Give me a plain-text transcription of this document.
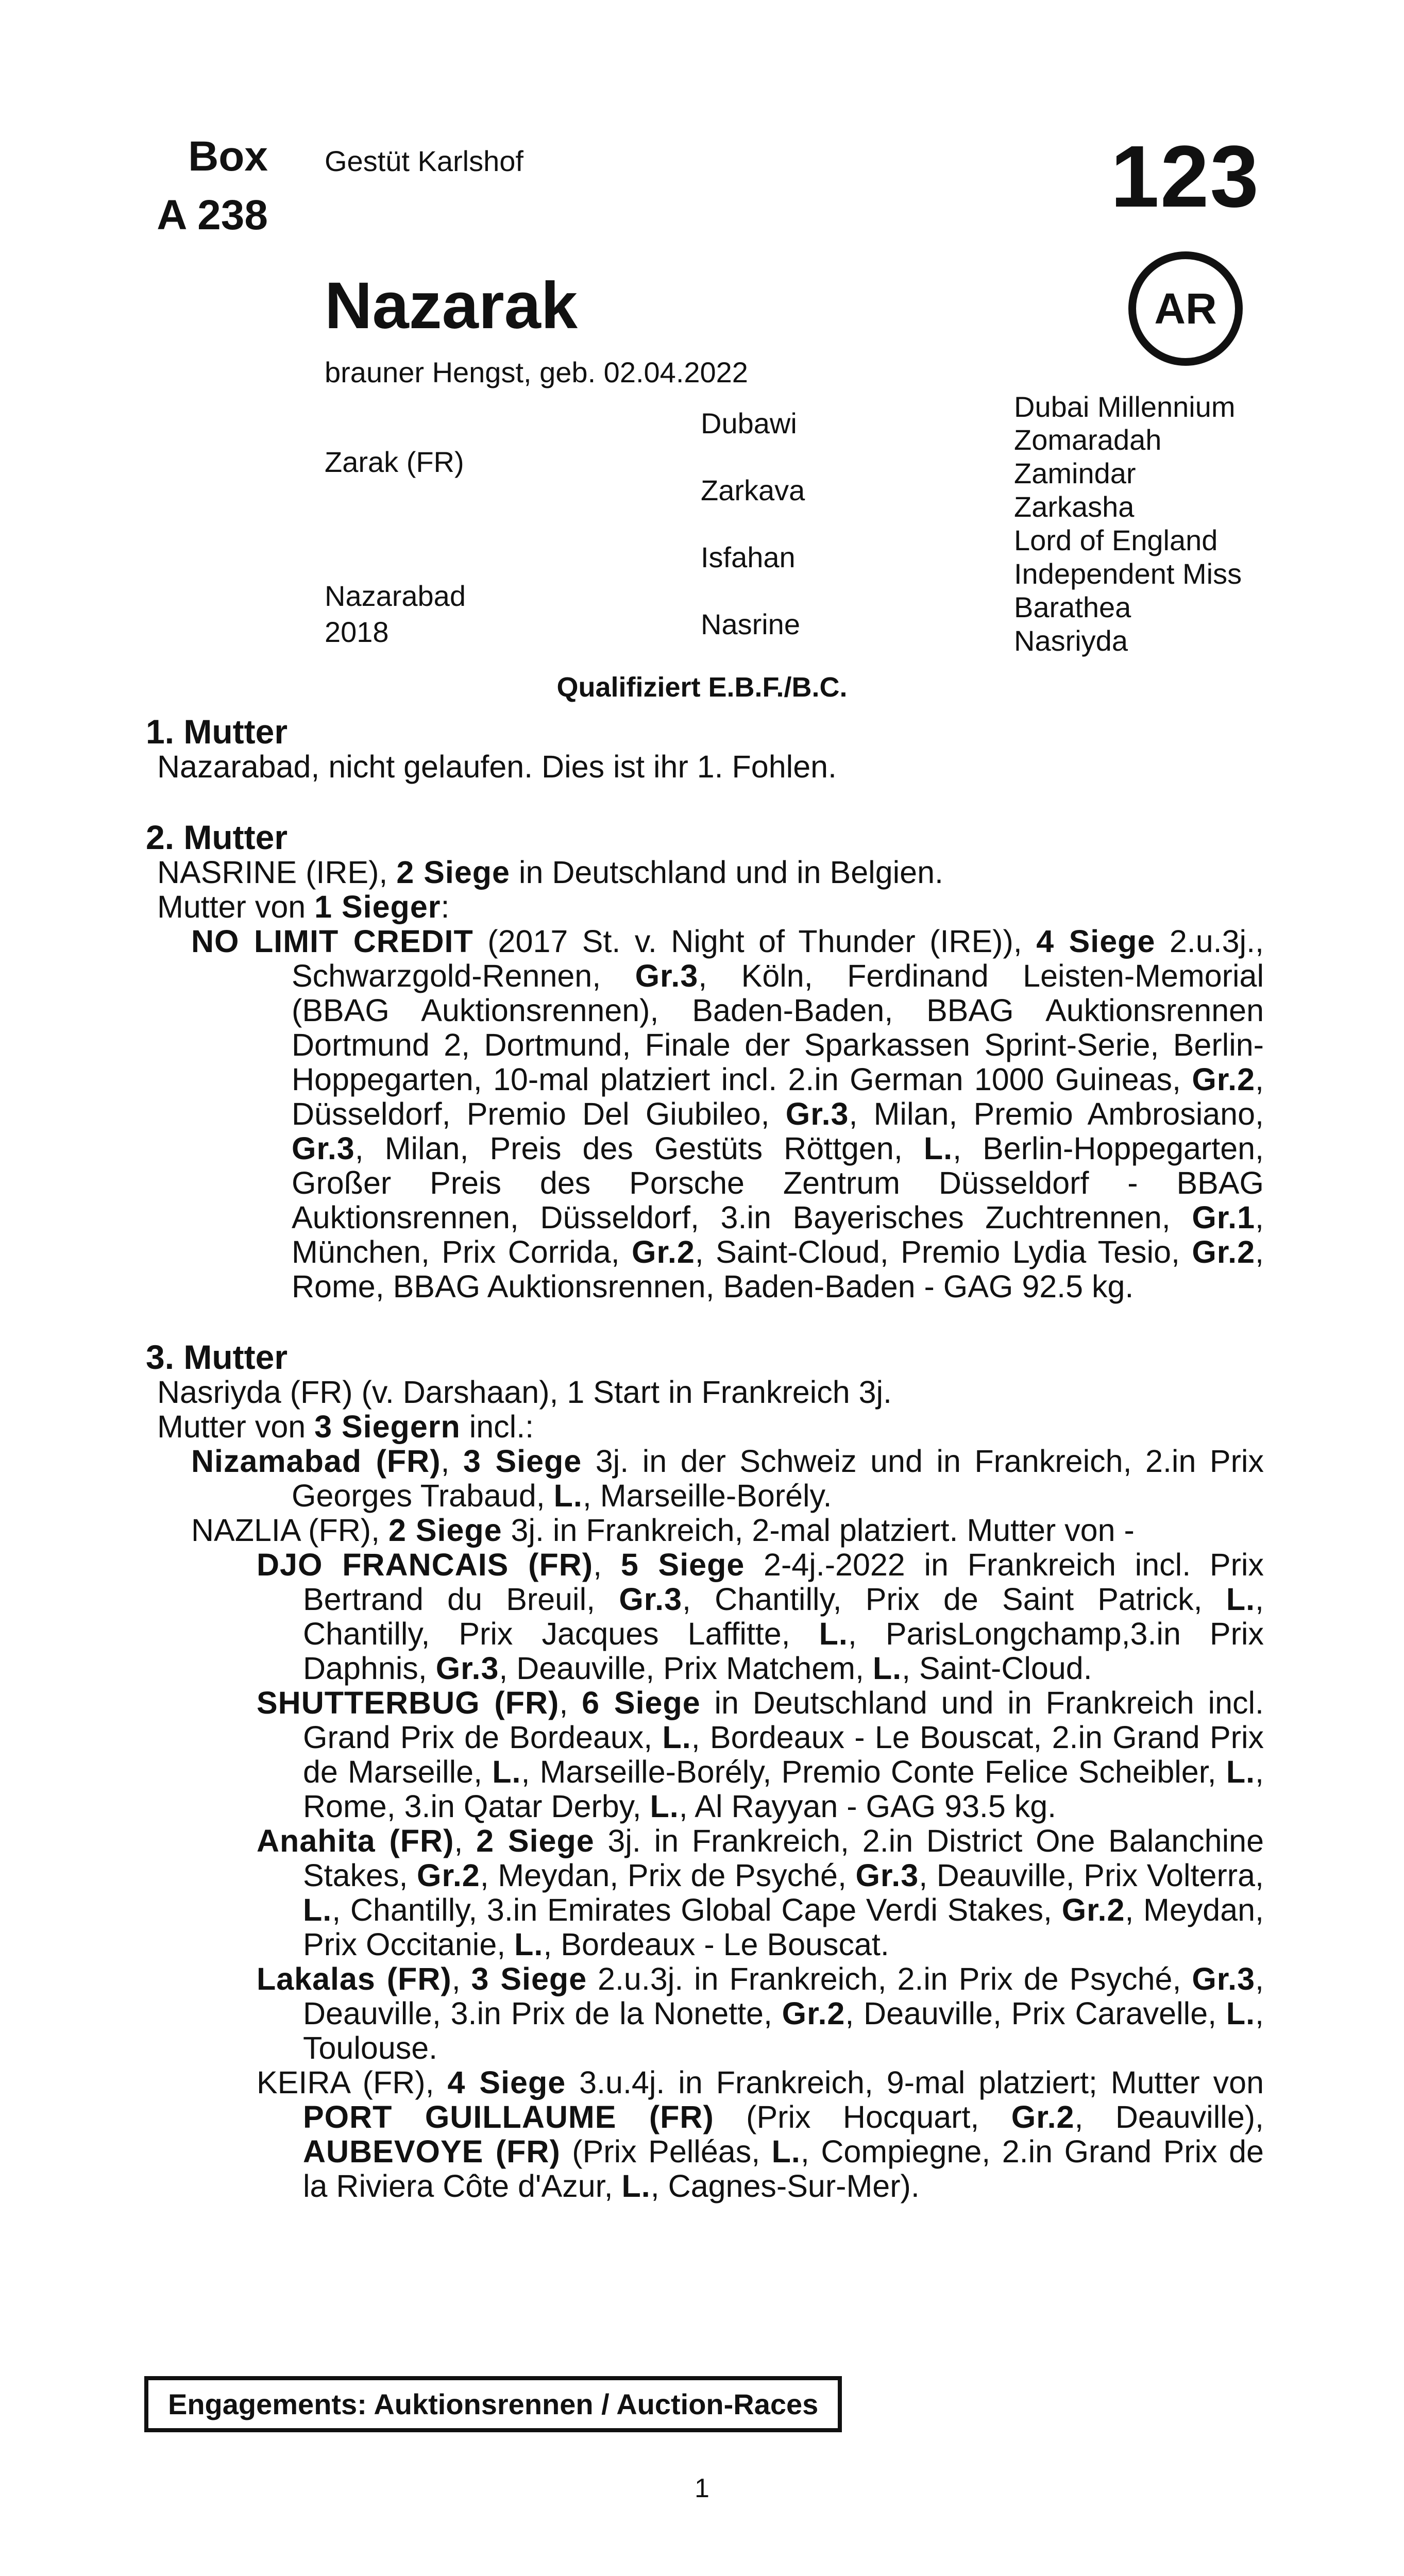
Box
A 238
Gestüt Karlshof	123
AR
Nazarak
brauner Hengst, geb. 02.04.2022
Zarak (FR)
Nazarabad
2018
Dubawi
Zarkava
Isfahan
Nasrine
Dubai Millennium
Zomaradah
Zamindar
Zarkasha
Lord of England
Independent Miss
Barathea
Nasriyda
Qualifiziert E.B.F./B.C.
1. Mutter
Nazarabad, nicht gelaufen. Dies ist ihr 1. Fohlen.
2. Mutter
NASRINE (IRE), 2 Siege in Deutschland und in Belgien.
Mutter von 1 Sieger:
NO LIMIT CREDIT (2017 St. v. Night of Thunder (IRE)), 4 Siege 2.u.3j., Schwarzgold-Rennen, Gr.3, Köln, Ferdinand Leisten-Memorial (BBAG Auktionsrennen), Baden-Baden, BBAG Auktionsrennen Dortmund 2, Dortmund, Finale der Sparkassen Sprint-Serie, Berlin-Hoppegarten, 10-mal platziert incl. 2.in German 1000 Guineas, Gr.2, Düsseldorf, Premio Del Giubileo, Gr.3, Milan, Premio Ambrosiano, Gr.3, Milan, Preis des Gestüts Röttgen, L., Berlin-Hoppegarten, Großer Preis des Porsche Zentrum Düsseldorf - BBAG Auktionsrennen, Düsseldorf, 3.in Bayerisches Zuchtrennen, Gr.1, München, Prix Corrida, Gr.2, Saint-Cloud, Premio Lydia Tesio, Gr.2, Rome, BBAG Auktionsrennen, Baden-Baden - GAG 92.5 kg.
3. Mutter
Nasriyda (FR) (v. Darshaan), 1 Start in Frankreich 3j.
Mutter von 3 Siegern incl.:
Nizamabad (FR), 3 Siege 3j. in der Schweiz und in Frankreich, 2.in Prix Georges Trabaud, L., Marseille-Borély.
NAZLIA (FR), 2 Siege 3j. in Frankreich, 2-mal platziert. Mutter von -
DJO FRANCAIS (FR), 5 Siege 2-4j.-2022 in Frankreich incl. Prix Bertrand du Breuil, Gr.3, Chantilly, Prix de Saint Patrick, L., Chantilly, Prix Jacques Laffitte, L., ParisLongchamp,3.in Prix Daphnis, Gr.3, Deauville, Prix Matchem, L., Saint-Cloud.
SHUTTERBUG (FR), 6 Siege in Deutschland und in Frankreich incl. Grand Prix de Bordeaux, L., Bordeaux - Le Bouscat, 2.in Grand Prix de Marseille, L., Marseille-Borély, Premio Conte Felice Scheibler, L., Rome, 3.in Qatar Derby, L., Al Rayyan - GAG 93.5 kg.
Anahita (FR), 2 Siege 3j. in Frankreich, 2.in District One Balanchine Stakes, Gr.2, Meydan, Prix de Psyché, Gr.3, Deauville, Prix Volterra, L., Chantilly, 3.in Emirates Global Cape Verdi Stakes, Gr.2, Meydan, Prix Occitanie, L., Bordeaux - Le Bouscat.
Lakalas (FR), 3 Siege 2.u.3j. in Frankreich, 2.in Prix de Psyché, Gr.3, Deauville, 3.in Prix de la Nonette, Gr.2, Deauville, Prix Caravelle, L., Toulouse.
KEIRA (FR), 4 Siege 3.u.4j. in Frankreich, 9-mal platziert; Mutter von PORT GUILLAUME (FR) (Prix Hocquart, Gr.2, Deauville), AUBEVOYE (FR) (Prix Pelléas, L., Compiegne, 2.in Grand Prix de la Riviera Côte d'Azur, L., Cagnes-Sur-Mer).
Engagements: Auktionsrennen / Auction-Races
1
